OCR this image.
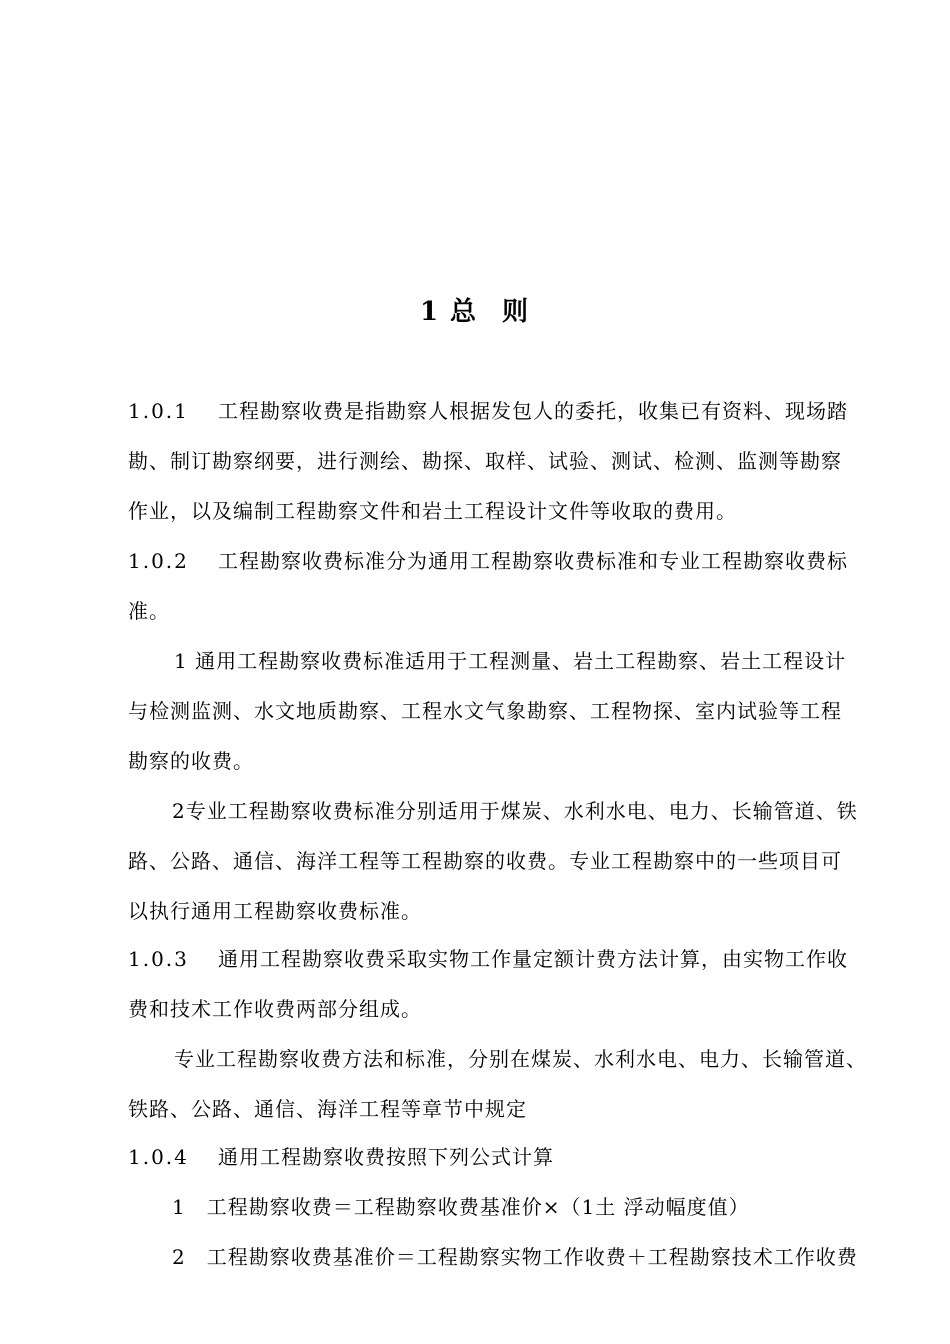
1 总 则
1.0.1 工程勘察收费是指勘察人根据发包人的委托，收集已有资料、现场踏
勘、制订勘察纲要，进行测绘、勘探、取样、试验、测试、检测、监测等勘察
作业，以及编制工程勘察文件和岩土工程设计文件等收取的费用。
1.0.2 工程勘察收费标准分为通用工程勘察收费标准和专业工程勘察收费标
准。
1 通用工程勘察收费标准适用于工程测量、岩土工程勘察、岩土工程设计
与检测监测、水文地质勘察、工程水文气象勘察、工程物探、室内试验等工程
勘察的收费。
2专业工程勘察收费标准分别适用于煤炭、水利水电、电力、长输管道、铁
路、公路、通信、海洋工程等工程勘察的收费。专业工程勘察中的一些项目可
以执行通用工程勘察收费标准。
1.0.3 通用工程勘察收费采取实物工作量定额计费方法计算，由实物工作收
费和技术工作收费两部分组成。
专业工程勘察收费方法和标准，分别在煤炭、水利水电、电力、长输管道、
铁路、公路、通信、海洋工程等章节中规定
1.0.4 通用工程勘察收费按照下列公式计算
1　工程勘察收费＝工程勘察收费基准价×（1土 浮动幅度值）
2　工程勘察收费基准价＝工程勘察实物工作收费＋工程勘察技术工作收费
